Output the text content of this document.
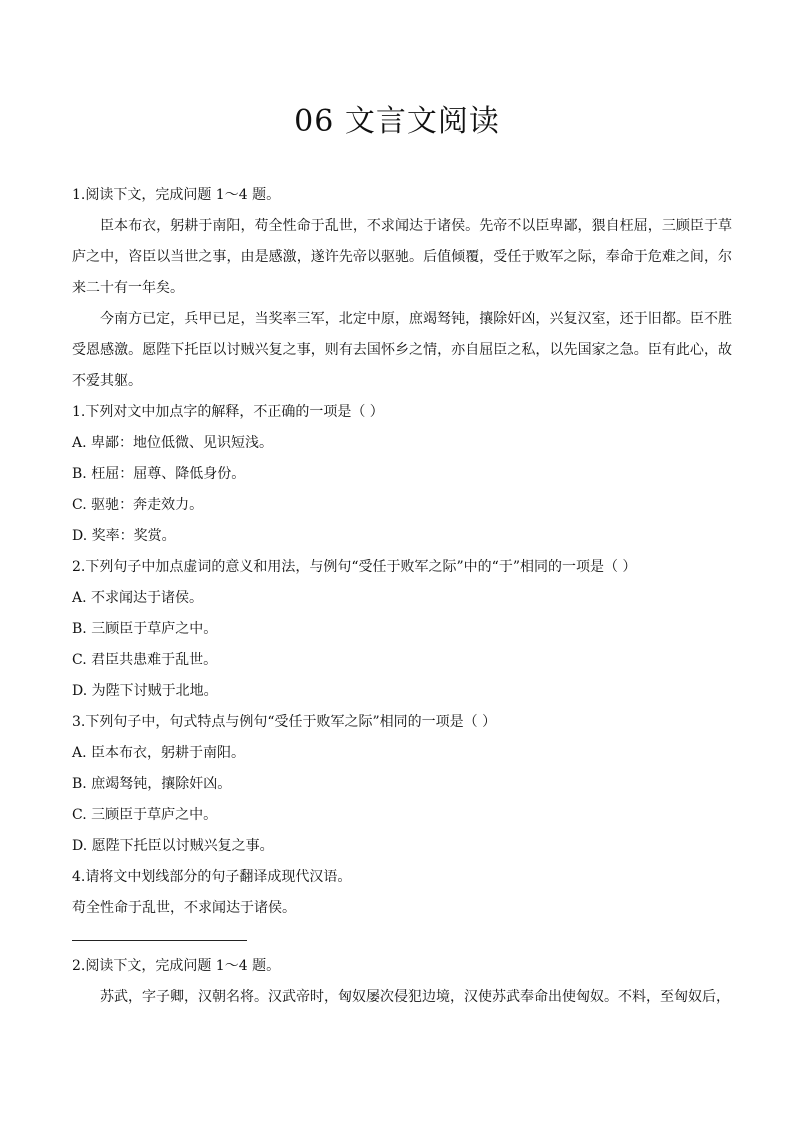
06 文言文阅读

1.阅读下文，完成问题 1～4 题。

臣本布衣，躬耕于南阳，苟全性命于乱世，不求闻达于诸侯。先帝不以臣卑鄙，猥自枉屈，三顾臣于草庐之中，咨臣以当世之事，由是感激，遂许先帝以驱驰。后值倾覆，受任于败军之际，奉命于危难之间，尔来二十有一年矣。

今南方已定，兵甲已足，当奖率三军，北定中原，庶竭驽钝，攘除奸凶，兴复汉室，还于旧都。臣不胜受恩感激。愿陛下托臣以讨贼兴复之事，则有去国怀乡之情，亦自屈臣之私，以先国家之急。臣有此心，故不爱其躯。

1.下列对文中加点字的解释，不正确的一项是（ ）

A. 卑鄙：地位低微、见识短浅。

B. 枉屈：屈尊、降低身份。

C. 驱驰：奔走效力。

D. 奖率：奖赏。

2.下列句子中加点虚词的意义和用法，与例句“受任于败军之际”中的“于”相同的一项是（ ）

A. 不求闻达于诸侯。

B. 三顾臣于草庐之中。

C. 君臣共患难于乱世。

D. 为陛下讨贼于北地。

3.下列句子中，句式特点与例句“受任于败军之际”相同的一项是（ ）

A. 臣本布衣，躬耕于南阳。

B. 庶竭驽钝，攘除奸凶。

C. 三顾臣于草庐之中。

D. 愿陛下托臣以讨贼兴复之事。

4.请将文中划线部分的句子翻译成现代汉语。

苟全性命于乱世，不求闻达于诸侯。

2.阅读下文，完成问题 1～4 题。

苏武，字子卿，汉朝名将。汉武帝时，匈奴屡次侵犯边境，汉使苏武奉命出使匈奴。不料，至匈奴后，
